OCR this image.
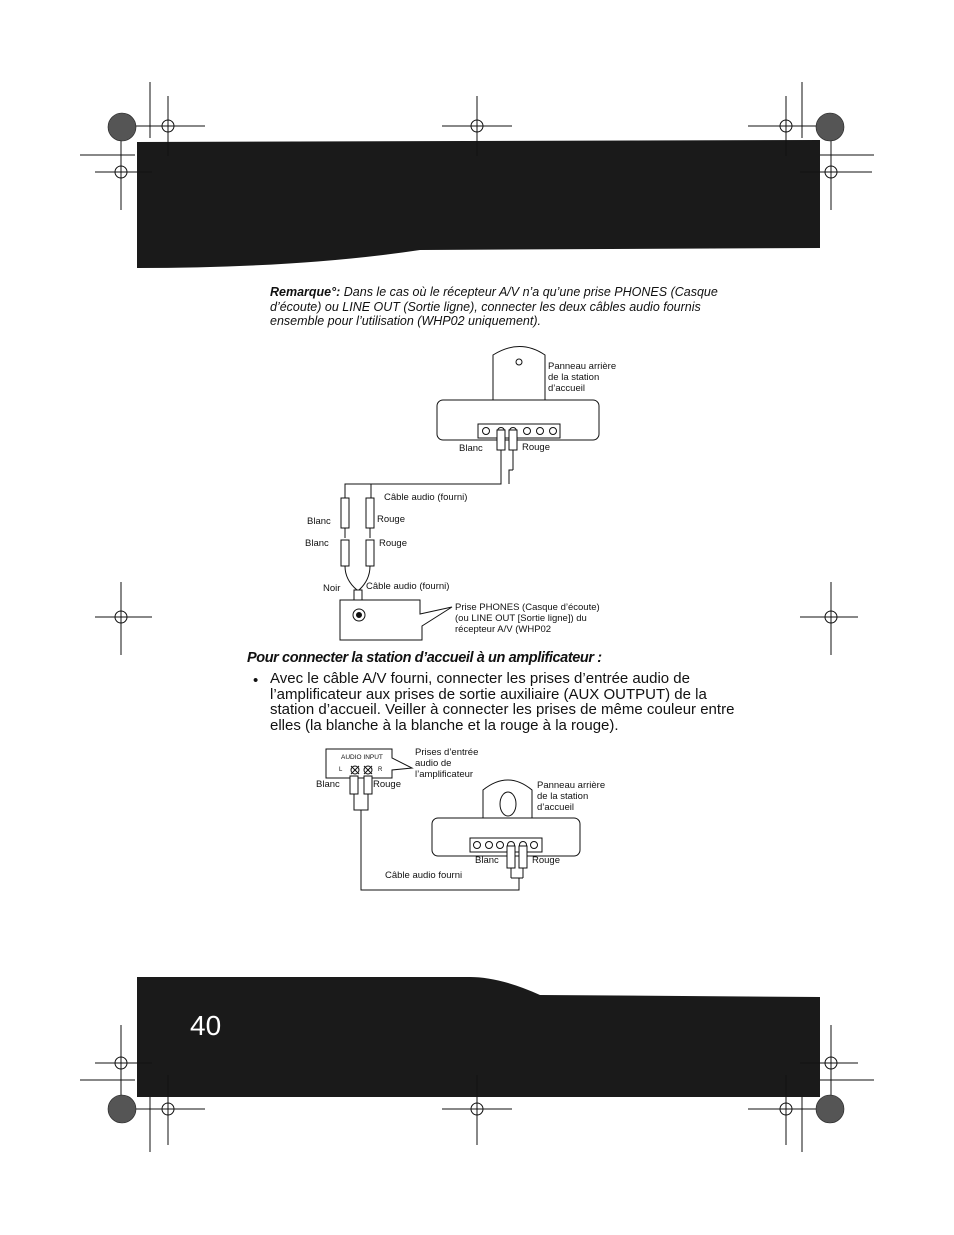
Remarque°: Dans le cas où le récepteur A/V n’a qu’une prise PHONES (Casque d’écoute) ou LINE OUT (Sortie ligne), connecter les deux câbles audio fournis ensemble pour l’utilisation (WHP02 uniquement).
Panneau arrière de la station d’accueil
Blanc	Rouge
Câble audio (fourni)
Blanc	Rouge
Blanc	Rouge
Noir	Câble audio (fourni)
Prise PHONES (Casque d’écoute) (ou LINE OUT [Sortie ligne]) du récepteur A/V (WHP02
Pour connecter la station d’accueil à un amplificateur :
• Avec le câble A/V fourni, connecter les prises d’entrée audio de l’amplificateur aux prises de sortie auxiliaire (AUX OUTPUT) de la station d’accueil. Veiller à connecter les prises de même couleur entre elles (la blanche à la blanche et la rouge à la rouge).
AUDIO INPUT
L	R
Prises d’entrée audio de l’amplificateur
Blanc	Rouge	Panneau arrière de la station d’accueil
Blanc	Rouge
Câble audio fourni
40
